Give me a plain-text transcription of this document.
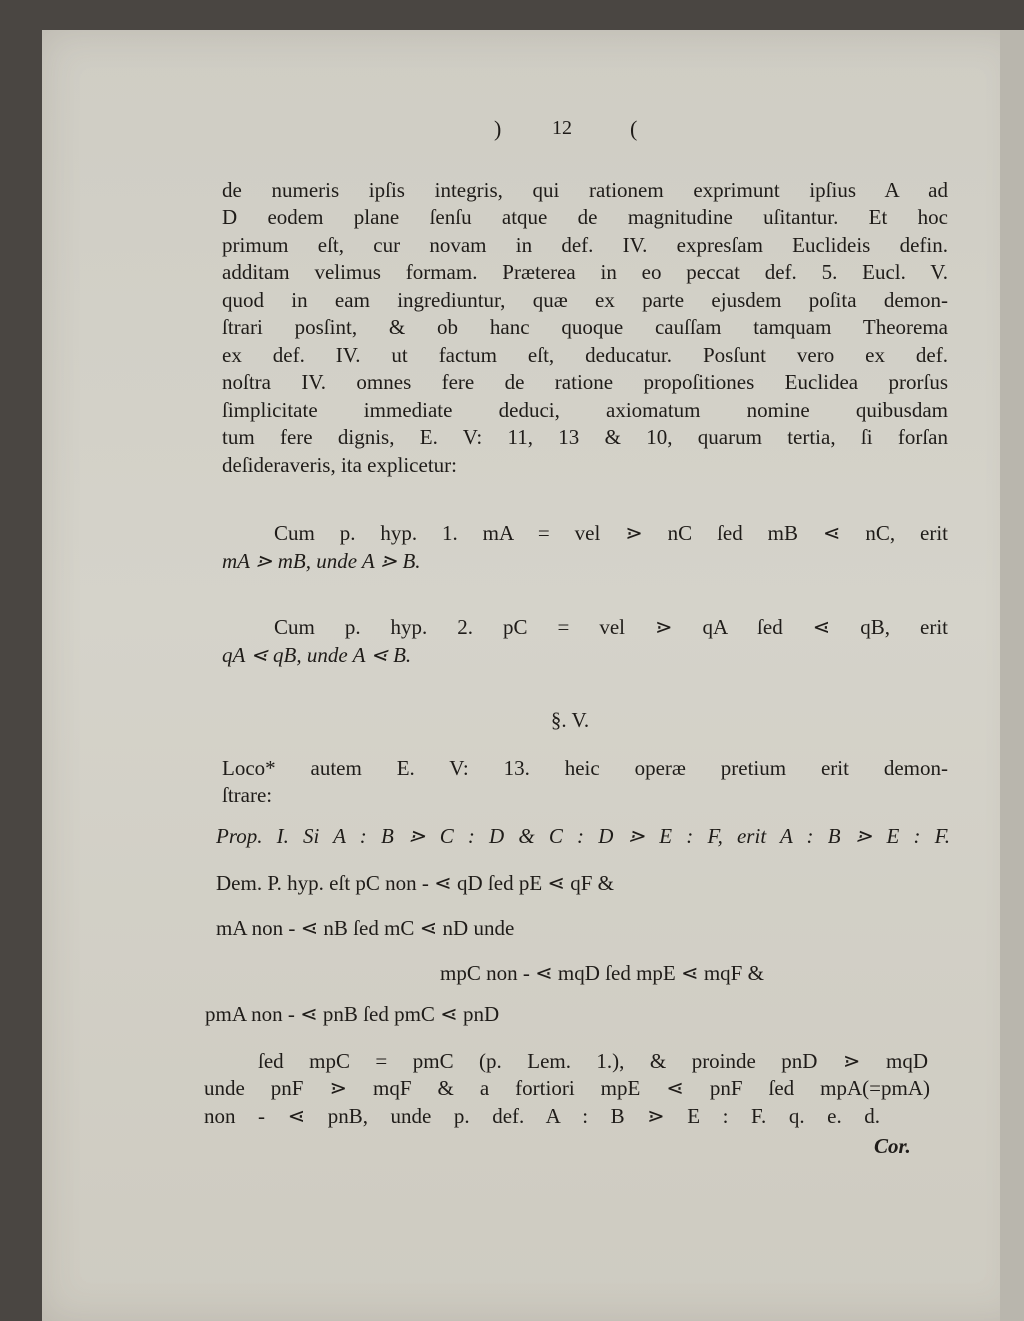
)	12	(
de numeris ipſis integris, qui rationem exprimunt ipſius A ad
D eodem plane ſenſu atque de magnitudine uſitantur. Et hoc
primum eſt, cur novam in def. IV. expresſam Euclideis defin.
additam velimus formam. Præterea in eo peccat def. 5. Eucl. V.
quod in eam ingrediuntur, quæ ex parte ejusdem poſita demon-
ſtrari posſint, & ob hanc quoque cauſſam tamquam Theorema
ex def. IV. ut factum eſt, deducatur. Posſunt vero ex def.
noſtra IV. omnes fere de ratione propoſitiones Euclidea prorſus
ſimplicitate immediate deduci, axiomatum nomine quibusdam
tum fere dignis, E. V: 11, 13 & 10, quarum tertia, ſi forſan
deſideraveris, ita explicetur:
Cum p. hyp. 1. mA = vel ⋗ nC ſed mB ⋖ nC, erit
mA ⋗ mB, unde A ⋗ B.
Cum p. hyp. 2. pC = vel ⋗ qA ſed ⋖ qB, erit
qA ⋖ qB, unde A ⋖ B.
§. V.
Loco* autem E. V: 13. heic operæ pretium erit demon-
ſtrare:
Prop. I. Si A : B ⋗ C : D & C : D ⋗ E : F, erit A : B ⋗ E : F.
Dem. P. hyp. eſt pC non - ⋖ qD ſed pE ⋖ qF &
mA non - ⋖ nB ſed mC ⋖ nD unde
mpC non - ⋖ mqD ſed mpE ⋖ mqF &
pmA non - ⋖ pnB ſed pmC ⋖ pnD
ſed mpC = pmC (p. Lem. 1.), & proinde pnD ⋗ mqD
unde pnF ⋗ mqF & a fortiori mpE ⋖ pnF ſed mpA(=pmA)
non - ⋖ pnB, unde p. def. A : B ⋗ E : F. q. e. d.
Cor.
